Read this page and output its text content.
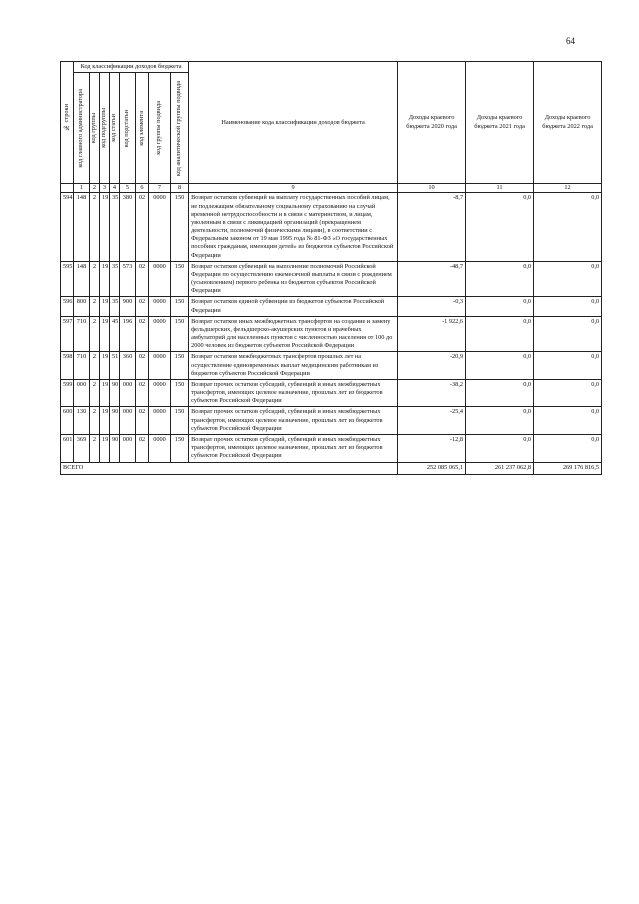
64
№ строки	Код классификации доходов бюджета								Наименование кода классификации доходов бюджета	Доходы краевого бюджета 2020 года	Доходы краевого бюджета 2021 года	Доходы краевого бюджета 2022 года

	код главного администратора	код группы	код подгруппы	код статьи	код подстатьи	код элемента	код группы подвида	код аналитической группы подвида				

	1	2	3	4	5	6	7	8	9	10	11	12
594	148	2	19	35	380	02	0000	150	Возврат остатков субвенций на выплату государственных пособий лицам, не подлежащим обязательному социальному страхованию на случай временной нетрудоспособности и в связи с материнством, и лицам, уволенным в связи с ликвидацией организаций (прекращением деятельности, полномочий физическими лицами), в соответствии с Федеральным законом от 19 мая 1995 года № 81-ФЗ «О государственных пособиях гражданам, имеющим детей» из бюджетов субъектов Российской Федерации	-8,7	0,0	0,0
595	148	2	19	35	573	02	0000	150	Возврат остатков субвенций на выполнение полномочий Российской Федерации по осуществлению ежемесячной выплаты в связи с рождением (усыновлением) первого ребенка из бюджетов субъектов Российской Федерации	-48,7	0,0	0,0
596	800	2	19	35	900	02	0000	150	Возврат остатков единой субвенции из бюджетов субъектов Российской Федерации	-0,3	0,0	0,0
597	710	2	19	45	196	02	0000	150	Возврат остатков иных межбюджетных трансфертов на создание и замену фельдшерских, фельдшерско-акушерских пунктов и врачебных амбулаторий для населенных пунктов с численностью населения от 100 до 2000 человек из бюджетов субъектов Российской Федерации	-1 922,6	0,0	0,0
598	710	2	19	51	360	02	0000	150	Возврат остатков межбюджетных трансфертов прошлых лет на осуществление единовременных выплат медицинским работникам из бюджетов субъектов Российской Федерации	-20,9	0,0	0,0
599	000	2	19	90	000	02	0000	150	Возврат прочих остатков субсидий, субвенций и иных межбюджетных трансфертов, имеющих целевое назначение, прошлых лет из бюджетов субъектов Российской Федерации	-38,2	0,0	0,0
600	130	2	19	90	000	02	0000	150	Возврат прочих остатков субсидий, субвенций и иных межбюджетных трансфертов, имеющих целевое назначение, прошлых лет из бюджетов субъектов Российской Федерации	-25,4	0,0	0,0
601	369	2	19	90	000	02	0000	150	Возврат прочих остатков субсидий, субвенций и иных межбюджетных трансфертов, имеющих целевое назначение, прошлых лет из бюджетов субъектов Российской Федерации	-12,8	0,0	0,0
ВСЕГО										252 085 065,1	261 237 062,8	269 176 816,5
